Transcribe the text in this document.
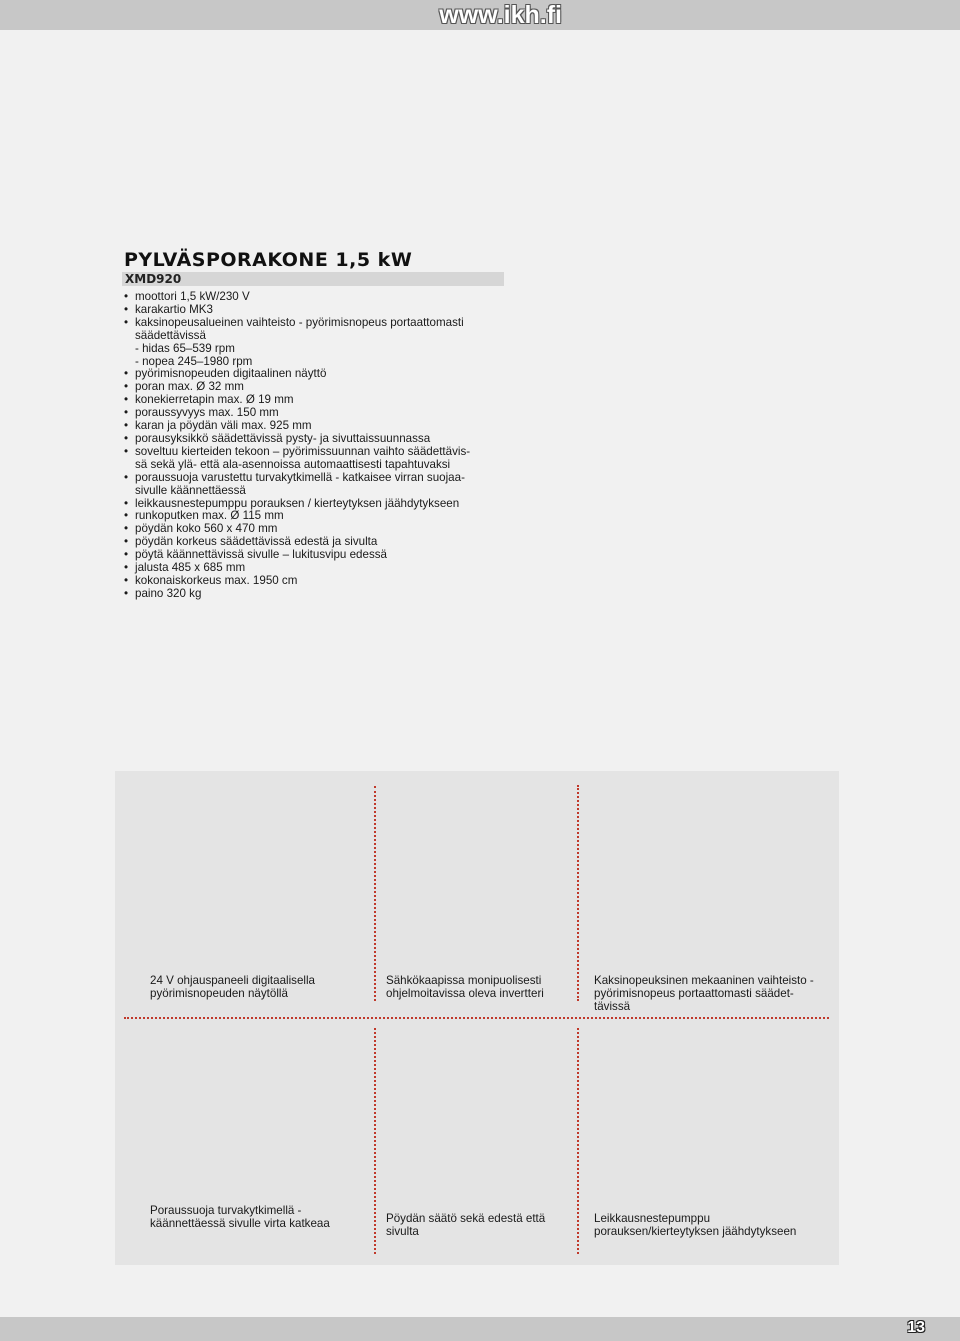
www.ikh.fi
PYLVÄSPORAKONE 1,5 kW
XMD920
• moottori 1,5 kW/230 V
• karakartio MK3
• kaksinopeusalueinen vaihteisto - pyörimisnopeus portaattomasti
säädettävissä
- hidas 65–539 rpm
- nopea 245–1980 rpm
• pyörimisnopeuden digitaalinen näyttö
• poran max. Ø 32 mm
• konekierretapin max. Ø 19 mm
• poraussyvyys max. 150 mm
• karan ja pöydän väli max. 925 mm
• porausyksikkö säädettävissä pysty- ja sivuttaissuunnassa
• soveltuu kierteiden tekoon – pyörimissuunnan vaihto säädettävis-
sä sekä ylä- että ala-asennoissa automaattisesti tapahtuvaksi
• poraussuoja varustettu turvakytkimellä - katkaisee virran suojaa-
sivulle käännettäessä
• leikkausnestepumppu porauksen / kierteytyksen jäähdytykseen
• runkoputken max. Ø 115 mm
• pöydän koko 560 x 470 mm
• pöydän korkeus säädettävissä edestä ja sivulta
• pöytä käännettävissä sivulle – lukitusvipu edessä
• jalusta 485 x 685 mm
• kokonaiskorkeus max. 1950 cm
• paino 320 kg
24 V ohjauspaneeli digitaalisella
pyörimisnopeuden näytöllä
Sähkökaapissa monipuolisesti
ohjelmoitavissa oleva invertteri
Kaksinopeuksinen mekaaninen vaihteisto -
pyörimisnopeus portaattomasti säädet-
tävissä
Poraussuoja turvakytkimellä -
käännettäessä sivulle virta katkeaa	Pöydän säätö sekä edestä että
sivulta
Leikkausnestepumppu
porauksen/kierteytyksen jäähdytykseen
13
